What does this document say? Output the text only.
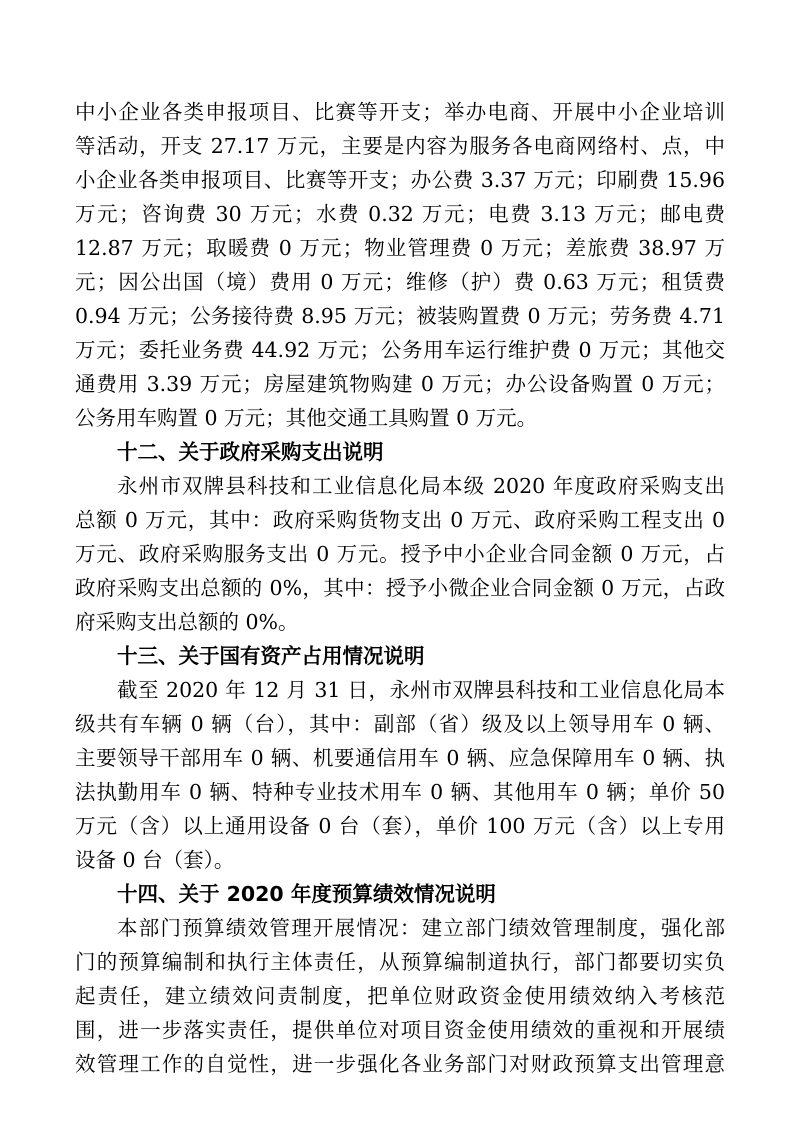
中小企业各类申报项目、比赛等开支；举办电商、开展中小企业培训
等活动，开支 27.17 万元，主要是内容为服务各电商网络村、点，中
小企业各类申报项目、比赛等开支；办公费 3.37 万元；印刷费 15.96
万元；咨询费 30 万元；水费 0.32 万元；电费 3.13 万元；邮电费
12.87 万元；取暖费 0 万元；物业管理费 0 万元；差旅费 38.97 万
元；因公出国（境）费用 0 万元；维修（护）费 0.63 万元；租赁费
0.94 万元；公务接待费 8.95 万元；被装购置费 0 万元；劳务费 4.71
万元；委托业务费 44.92 万元；公务用车运行维护费 0 万元；其他交
通费用 3.39 万元；房屋建筑物购建 0 万元；办公设备购置 0 万元；
公务用车购置 0 万元；其他交通工具购置 0 万元。
十二、关于政府采购支出说明
永州市双牌县科技和工业信息化局本级 2020 年度政府采购支出
总额 0 万元，其中：政府采购货物支出 0 万元、政府采购工程支出 0
万元、政府采购服务支出 0 万元。授予中小企业合同金额 0 万元，占
政府采购支出总额的 0%，其中：授予小微企业合同金额 0 万元，占政
府采购支出总额的 0%。
十三、关于国有资产占用情况说明
截至 2020 年 12 月 31 日，永州市双牌县科技和工业信息化局本
级共有车辆 0 辆（台），其中：副部（省）级及以上领导用车 0 辆、
主要领导干部用车 0 辆、机要通信用车 0 辆、应急保障用车 0 辆、执
法执勤用车 0 辆、特种专业技术用车 0 辆、其他用车 0 辆；单价 50
万元（含）以上通用设备 0 台（套），单价 100 万元（含）以上专用
设备 0 台（套）。
十四、关于 2020 年度预算绩效情况说明
本部门预算绩效管理开展情况：建立部门绩效管理制度，强化部
门的预算编制和执行主体责任，从预算编制道执行，部门都要切实负
起责任，建立绩效问责制度，把单位财政资金使用绩效纳入考核范
围，进一步落实责任，提供单位对项目资金使用绩效的重视和开展绩
效管理工作的自觉性，进一步强化各业务部门对财政预算支出管理意
